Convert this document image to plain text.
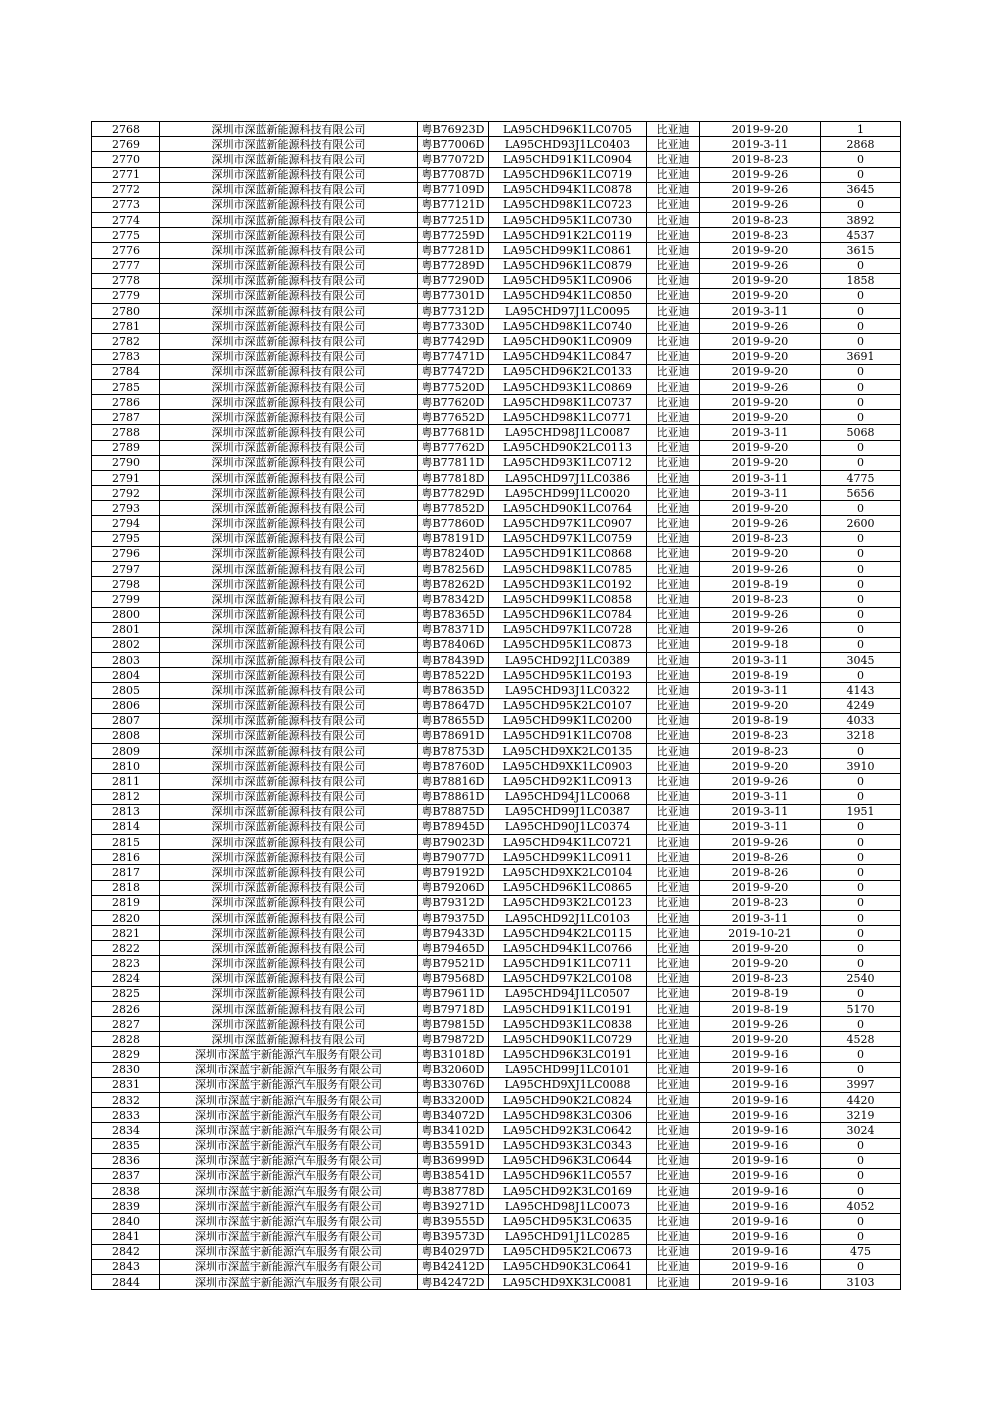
2768	深圳市深蓝新能源科技有限公司	粤B76923D	LA95CHD96K1LC0705	比亚迪	2019-9-20	1
2769	深圳市深蓝新能源科技有限公司	粤B77006D	LA95CHD93J1LC0403	比亚迪	2019-3-11	2868
2770	深圳市深蓝新能源科技有限公司	粤B77072D	LA95CHD91K1LC0904	比亚迪	2019-8-23	0
2771	深圳市深蓝新能源科技有限公司	粤B77087D	LA95CHD96K1LC0719	比亚迪	2019-9-26	0
2772	深圳市深蓝新能源科技有限公司	粤B77109D	LA95CHD94K1LC0878	比亚迪	2019-9-26	3645
2773	深圳市深蓝新能源科技有限公司	粤B77121D	LA95CHD98K1LC0723	比亚迪	2019-9-26	0
2774	深圳市深蓝新能源科技有限公司	粤B77251D	LA95CHD95K1LC0730	比亚迪	2019-8-23	3892
2775	深圳市深蓝新能源科技有限公司	粤B77259D	LA95CHD91K2LC0119	比亚迪	2019-8-23	4537
2776	深圳市深蓝新能源科技有限公司	粤B77281D	LA95CHD99K1LC0861	比亚迪	2019-9-20	3615
2777	深圳市深蓝新能源科技有限公司	粤B77289D	LA95CHD96K1LC0879	比亚迪	2019-9-26	0
2778	深圳市深蓝新能源科技有限公司	粤B77290D	LA95CHD95K1LC0906	比亚迪	2019-9-20	1858
2779	深圳市深蓝新能源科技有限公司	粤B77301D	LA95CHD94K1LC0850	比亚迪	2019-9-20	0
2780	深圳市深蓝新能源科技有限公司	粤B77312D	LA95CHD97J1LC0095	比亚迪	2019-3-11	0
2781	深圳市深蓝新能源科技有限公司	粤B77330D	LA95CHD98K1LC0740	比亚迪	2019-9-26	0
2782	深圳市深蓝新能源科技有限公司	粤B77429D	LA95CHD90K1LC0909	比亚迪	2019-9-20	0
2783	深圳市深蓝新能源科技有限公司	粤B77471D	LA95CHD94K1LC0847	比亚迪	2019-9-20	3691
2784	深圳市深蓝新能源科技有限公司	粤B77472D	LA95CHD96K2LC0133	比亚迪	2019-9-20	0
2785	深圳市深蓝新能源科技有限公司	粤B77520D	LA95CHD93K1LC0869	比亚迪	2019-9-26	0
2786	深圳市深蓝新能源科技有限公司	粤B77620D	LA95CHD98K1LC0737	比亚迪	2019-9-20	0
2787	深圳市深蓝新能源科技有限公司	粤B77652D	LA95CHD98K1LC0771	比亚迪	2019-9-20	0
2788	深圳市深蓝新能源科技有限公司	粤B77681D	LA95CHD98J1LC0087	比亚迪	2019-3-11	5068
2789	深圳市深蓝新能源科技有限公司	粤B77762D	LA95CHD90K2LC0113	比亚迪	2019-9-20	0
2790	深圳市深蓝新能源科技有限公司	粤B77811D	LA95CHD93K1LC0712	比亚迪	2019-9-20	0
2791	深圳市深蓝新能源科技有限公司	粤B77818D	LA95CHD97J1LC0386	比亚迪	2019-3-11	4775
2792	深圳市深蓝新能源科技有限公司	粤B77829D	LA95CHD99J1LC0020	比亚迪	2019-3-11	5656
2793	深圳市深蓝新能源科技有限公司	粤B77852D	LA95CHD90K1LC0764	比亚迪	2019-9-20	0
2794	深圳市深蓝新能源科技有限公司	粤B77860D	LA95CHD97K1LC0907	比亚迪	2019-9-26	2600
2795	深圳市深蓝新能源科技有限公司	粤B78191D	LA95CHD97K1LC0759	比亚迪	2019-8-23	0
2796	深圳市深蓝新能源科技有限公司	粤B78240D	LA95CHD91K1LC0868	比亚迪	2019-9-20	0
2797	深圳市深蓝新能源科技有限公司	粤B78256D	LA95CHD98K1LC0785	比亚迪	2019-9-26	0
2798	深圳市深蓝新能源科技有限公司	粤B78262D	LA95CHD93K1LC0192	比亚迪	2019-8-19	0
2799	深圳市深蓝新能源科技有限公司	粤B78342D	LA95CHD99K1LC0858	比亚迪	2019-8-23	0
2800	深圳市深蓝新能源科技有限公司	粤B78365D	LA95CHD96K1LC0784	比亚迪	2019-9-26	0
2801	深圳市深蓝新能源科技有限公司	粤B78371D	LA95CHD97K1LC0728	比亚迪	2019-9-26	0
2802	深圳市深蓝新能源科技有限公司	粤B78406D	LA95CHD95K1LC0873	比亚迪	2019-9-18	0
2803	深圳市深蓝新能源科技有限公司	粤B78439D	LA95CHD92J1LC0389	比亚迪	2019-3-11	3045
2804	深圳市深蓝新能源科技有限公司	粤B78522D	LA95CHD95K1LC0193	比亚迪	2019-8-19	0
2805	深圳市深蓝新能源科技有限公司	粤B78635D	LA95CHD93J1LC0322	比亚迪	2019-3-11	4143
2806	深圳市深蓝新能源科技有限公司	粤B78647D	LA95CHD95K2LC0107	比亚迪	2019-9-20	4249
2807	深圳市深蓝新能源科技有限公司	粤B78655D	LA95CHD99K1LC0200	比亚迪	2019-8-19	4033
2808	深圳市深蓝新能源科技有限公司	粤B78691D	LA95CHD91K1LC0708	比亚迪	2019-8-23	3218
2809	深圳市深蓝新能源科技有限公司	粤B78753D	LA95CHD9XK2LC0135	比亚迪	2019-8-23	0
2810	深圳市深蓝新能源科技有限公司	粤B78760D	LA95CHD9XK1LC0903	比亚迪	2019-9-20	3910
2811	深圳市深蓝新能源科技有限公司	粤B78816D	LA95CHD92K1LC0913	比亚迪	2019-9-26	0
2812	深圳市深蓝新能源科技有限公司	粤B78861D	LA95CHD94J1LC0068	比亚迪	2019-3-11	0
2813	深圳市深蓝新能源科技有限公司	粤B78875D	LA95CHD99J1LC0387	比亚迪	2019-3-11	1951
2814	深圳市深蓝新能源科技有限公司	粤B78945D	LA95CHD90J1LC0374	比亚迪	2019-3-11	0
2815	深圳市深蓝新能源科技有限公司	粤B79023D	LA95CHD94K1LC0721	比亚迪	2019-9-26	0
2816	深圳市深蓝新能源科技有限公司	粤B79077D	LA95CHD99K1LC0911	比亚迪	2019-8-26	0
2817	深圳市深蓝新能源科技有限公司	粤B79192D	LA95CHD9XK2LC0104	比亚迪	2019-8-26	0
2818	深圳市深蓝新能源科技有限公司	粤B79206D	LA95CHD96K1LC0865	比亚迪	2019-9-20	0
2819	深圳市深蓝新能源科技有限公司	粤B79312D	LA95CHD93K2LC0123	比亚迪	2019-8-23	0
2820	深圳市深蓝新能源科技有限公司	粤B79375D	LA95CHD92J1LC0103	比亚迪	2019-3-11	0
2821	深圳市深蓝新能源科技有限公司	粤B79433D	LA95CHD94K2LC0115	比亚迪	2019-10-21	0
2822	深圳市深蓝新能源科技有限公司	粤B79465D	LA95CHD94K1LC0766	比亚迪	2019-9-20	0
2823	深圳市深蓝新能源科技有限公司	粤B79521D	LA95CHD91K1LC0711	比亚迪	2019-9-20	0
2824	深圳市深蓝新能源科技有限公司	粤B79568D	LA95CHD97K2LC0108	比亚迪	2019-8-23	2540
2825	深圳市深蓝新能源科技有限公司	粤B79611D	LA95CHD94J1LC0507	比亚迪	2019-8-19	0
2826	深圳市深蓝新能源科技有限公司	粤B79718D	LA95CHD91K1LC0191	比亚迪	2019-8-19	5170
2827	深圳市深蓝新能源科技有限公司	粤B79815D	LA95CHD93K1LC0838	比亚迪	2019-9-26	0
2828	深圳市深蓝新能源科技有限公司	粤B79872D	LA95CHD90K1LC0729	比亚迪	2019-9-20	4528
2829	深圳市深蓝宇新能源汽车服务有限公司	粤B31018D	LA95CHD96K3LC0191	比亚迪	2019-9-16	0
2830	深圳市深蓝宇新能源汽车服务有限公司	粤B32060D	LA95CHD99J1LC0101	比亚迪	2019-9-16	0
2831	深圳市深蓝宇新能源汽车服务有限公司	粤B33076D	LA95CHD9XJ1LC0088	比亚迪	2019-9-16	3997
2832	深圳市深蓝宇新能源汽车服务有限公司	粤B33200D	LA95CHD90K2LC0824	比亚迪	2019-9-16	4420
2833	深圳市深蓝宇新能源汽车服务有限公司	粤B34072D	LA95CHD98K3LC0306	比亚迪	2019-9-16	3219
2834	深圳市深蓝宇新能源汽车服务有限公司	粤B34102D	LA95CHD92K3LC0642	比亚迪	2019-9-16	3024
2835	深圳市深蓝宇新能源汽车服务有限公司	粤B35591D	LA95CHD93K3LC0343	比亚迪	2019-9-16	0
2836	深圳市深蓝宇新能源汽车服务有限公司	粤B36999D	LA95CHD96K3LC0644	比亚迪	2019-9-16	0
2837	深圳市深蓝宇新能源汽车服务有限公司	粤B38541D	LA95CHD96K1LC0557	比亚迪	2019-9-16	0
2838	深圳市深蓝宇新能源汽车服务有限公司	粤B38778D	LA95CHD92K3LC0169	比亚迪	2019-9-16	0
2839	深圳市深蓝宇新能源汽车服务有限公司	粤B39271D	LA95CHD98J1LC0073	比亚迪	2019-9-16	4052
2840	深圳市深蓝宇新能源汽车服务有限公司	粤B39555D	LA95CHD95K3LC0635	比亚迪	2019-9-16	0
2841	深圳市深蓝宇新能源汽车服务有限公司	粤B39573D	LA95CHD91J1LC0285	比亚迪	2019-9-16	0
2842	深圳市深蓝宇新能源汽车服务有限公司	粤B40297D	LA95CHD95K2LC0673	比亚迪	2019-9-16	475
2843	深圳市深蓝宇新能源汽车服务有限公司	粤B42412D	LA95CHD90K3LC0641	比亚迪	2019-9-16	0
2844	深圳市深蓝宇新能源汽车服务有限公司	粤B42472D	LA95CHD9XK3LC0081	比亚迪	2019-9-16	3103
